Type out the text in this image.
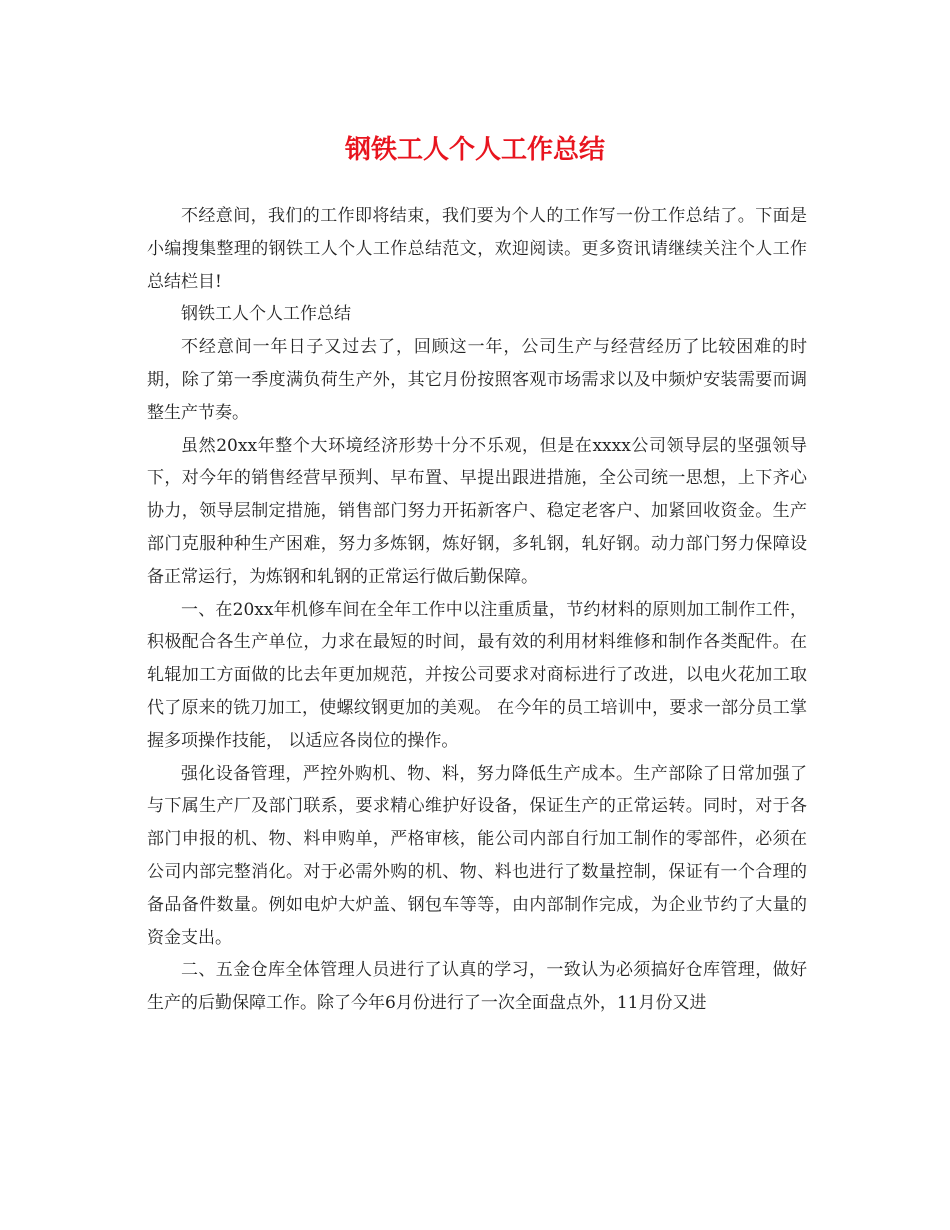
钢铁工人个人工作总结

不经意间，我们的工作即将结束，我们要为个人的工作写一份工作总结了。下面是小编搜集整理的钢铁工人个人工作总结范文，欢迎阅读。更多资讯请继续关注个人工作总结栏目!

钢铁工人个人工作总结

不经意间一年日子又过去了，回顾这一年，公司生产与经营经历了比较困难的时期，除了第一季度满负荷生产外，其它月份按照客观市场需求以及中频炉安装需要而调整生产节奏。

虽然20xx年整个大环境经济形势十分不乐观，但是在xxxx公司领导层的坚强领导下，对今年的销售经营早预判、早布置、早提出跟进措施，全公司统一思想，上下齐心协力，领导层制定措施，销售部门努力开拓新客户、稳定老客户、加紧回收资金。生产部门克服种种生产困难，努力多炼钢，炼好钢，多轧钢，轧好钢。动力部门努力保障设备正常运行，为炼钢和轧钢的正常运行做后勤保障。

一、在20xx年机修车间在全年工作中以注重质量，节约材料的原则加工制作工件，积极配合各生产单位，力求在最短的时间，最有效的利用材料维修和制作各类配件。在轧辊加工方面做的比去年更加规范，并按公司要求对商标进行了改进，以电火花加工取代了原来的铣刀加工，使螺纹钢更加的美观。 在今年的员工培训中，要求一部分员工掌握多项操作技能， 以适应各岗位的操作。

强化设备管理，严控外购机、物、料，努力降低生产成本。生产部除了日常加强了与下属生产厂及部门联系，要求精心维护好设备，保证生产的正常运转。同时，对于各部门申报的机、物、料申购单，严格审核，能公司内部自行加工制作的零部件，必须在公司内部完整消化。对于必需外购的机、物、料也进行了数量控制，保证有一个合理的备品备件数量。例如电炉大炉盖、钢包车等等，由内部制作完成，为企业节约了大量的资金支出。

二、五金仓库全体管理人员进行了认真的学习，一致认为必须搞好仓库管理，做好生产的后勤保障工作。除了今年6月份进行了一次全面盘点外，11月份又进
